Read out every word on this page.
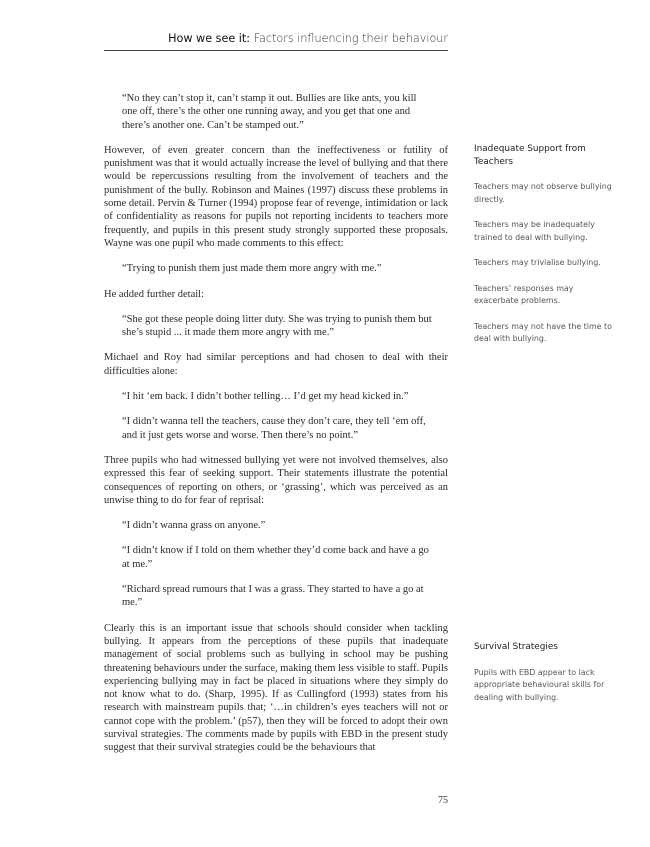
How we see it: Factors influencing their behaviour

“No they can’t stop it, can’t stamp it out. Bullies are like ants, you kill one off, there’s the other one running away, and you get that one and there’s another one. Can’t be stamped out.”

However, of even greater concern than the ineffectiveness or futility of punishment was that it would actually increase the level of bullying and that there would be repercussions resulting from the involvement of teachers and the punishment of the bully. Robinson and Maines (1997) discuss these problems in some detail. Pervin & Turner (1994) propose fear of revenge, intimidation or lack of confidentiality as reasons for pupils not reporting incidents to teachers more frequently, and pupils in this present study strongly supported these proposals. Wayne was one pupil who made comments to this effect:

“Trying to punish them just made them more angry with me.”

He added further detail:

“She got these people doing litter duty. She was trying to punish them but she’s stupid ... it made them more angry with me.”

Michael and Roy had similar perceptions and had chosen to deal with their difficulties alone:

“I hit ‘em back. I didn’t bother telling… I’d get my head kicked in.”

“I didn’t wanna tell the teachers, cause they don’t care, they tell ‘em off, and it just gets worse and worse. Then there’s no point.”

Three pupils who had witnessed bullying yet were not involved themselves, also expressed this fear of seeking support. Their statements illustrate the potential consequences of reporting on others, or ‘grassing’, which was perceived as an unwise thing to do for fear of reprisal:

“I didn’t wanna grass on anyone.”

“I didn’t know if I told on them whether they’d come back and have a go at me.”

“Richard spread rumours that I was a grass. They started to have a go at me.”

Clearly this is an important issue that schools should consider when tackling bullying. It appears from the perceptions of these pupils that inadequate management of social problems such as bullying in school may be pushing threatening behaviours under the surface, making them less visible to staff. Pupils experiencing bullying may in fact be placed in situations where they simply do not know what to do. (Sharp, 1995). If as Cullingford (1993) states from his research with mainstream pupils that; ‘…in children’s eyes teachers will not or cannot cope with the problem.’ (p57), then they will be forced to adopt their own survival strategies. The comments made by pupils with EBD in the present study suggest that their survival strategies could be the behaviours that

Inadequate Support from Teachers

Teachers may not observe bullying directly.

Teachers may be inadequately trained to deal with bullying.

Teachers may trivialise bullying.

Teachers’ responses may exacerbate problems.

Teachers may not have the time to deal with bullying.

Survival Strategies

Pupils with EBD appear to lack appropriate behavioural skills for dealing with bullying.

75
